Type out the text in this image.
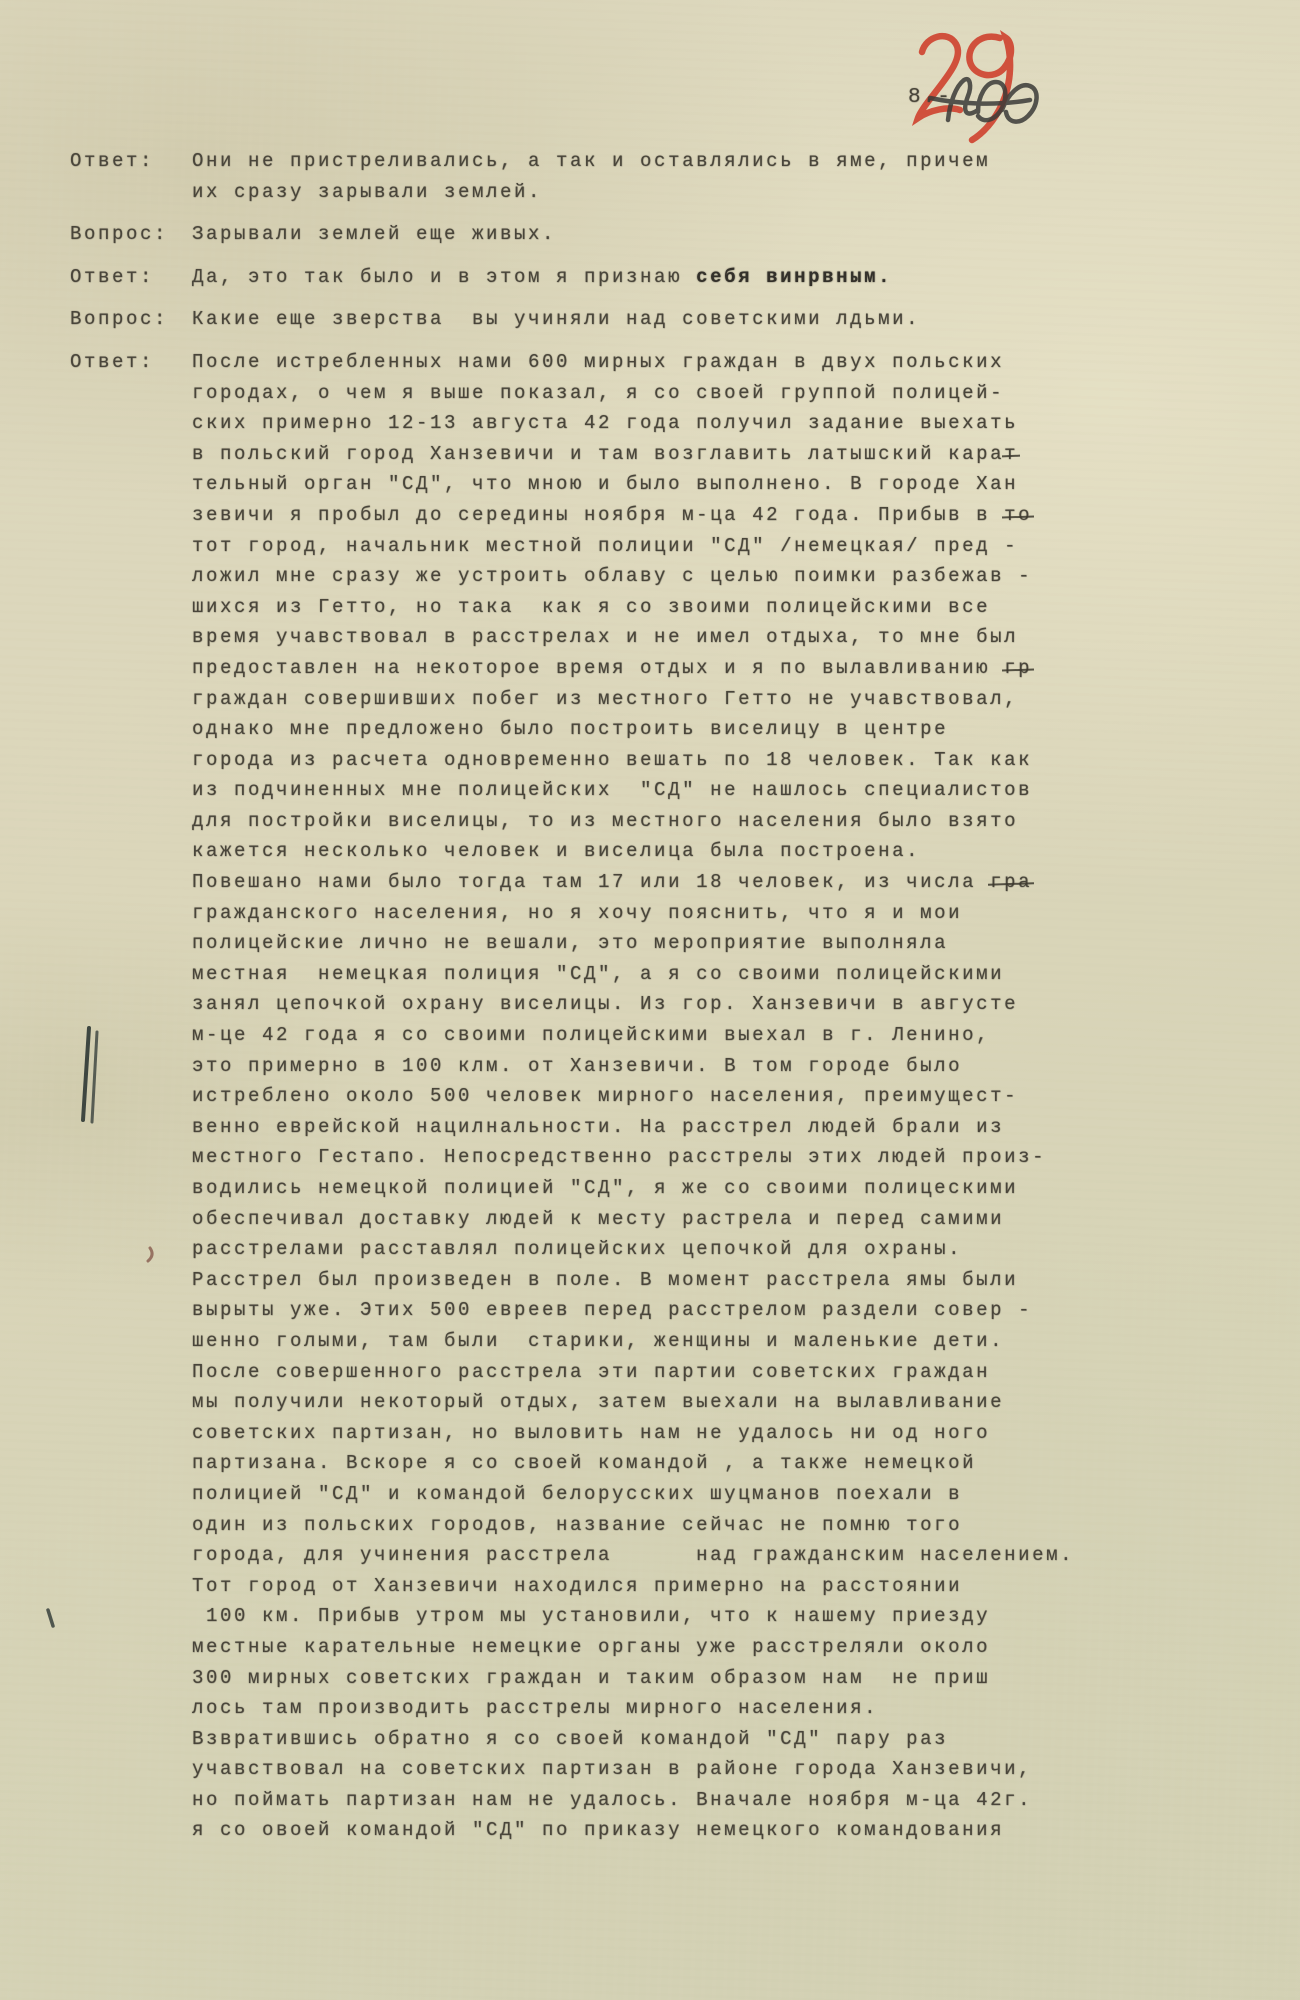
8.-
Ответ:	Они не пристреливались, а так и оставлялись в яме, причем
их сразу зарывали землей.
Вопрос:	Зарывали землей еще живых.
Ответ:	Да, это так было и в этом я признаю себя винрвным.
Вопрос:	Какие еще зверства  вы учиняли над советскими лдьми.
Ответ:	После истребленных нами 600 мирных граждан в двух польских
городах, о чем я выше показал, я со своей группой полицей-
ских примерно 12-13 августа 42 года получил задание выехать
в польский город Ханзевичи и там возглавить латышский карат
тельный орган "СД", что мною и было выполнено. В городе Хан
зевичи я пробыл до середины ноября м-ца 42 года. Прибыв в то
тот город, начальник местной полиции "СД" /немецкая/ пред -
ложил мне сразу же устроить облаву с целью поимки разбежав -
шихся из Гетто, но така  как я со звоими полицейскими все
время учавствовал в расстрелах и не имел отдыха, то мне был
предоставлен на некоторое время отдых и я по вылавливанию гр
граждан совершивших побег из местного Гетто не учавствовал,
однако мне предложено было построить виселицу в центре
города из расчета одновременно вешать по 18 человек. Так как
из подчиненных мне полицейских  "СД" не нашлось специалистов
для постройки виселицы, то из местного населения было взято
кажется несколько человек и виселица была построена.
Повешано нами было тогда там 17 или 18 человек, из числа гра
гражданского населения, но я хочу пояснить, что я и мои
полицейские лично не вешали, это мероприятие выполняла
местная  немецкая полиция "СД", а я со своими полицейскими
занял цепочкой охрану виселицы. Из гор. Ханзевичи в августе
м-це 42 года я со своими полицейскими выехал в г. Ленино,
это примерно в 100 клм. от Ханзевичи. В том городе было
истреблено около 500 человек мирного населения, преимущест-
венно еврейской нацилнальности. На расстрел людей брали из
местного Гестапо. Непосредственно расстрелы этих людей произ-
водились немецкой полицией "СД", я же со своими полицескими
обеспечивал доставку людей к месту растрела и перед самими
расстрелами расставлял полицейских цепочкой для охраны.
Расстрел был произведен в поле. В момент расстрела ямы были
вырыты уже. Этих 500 евреев перед расстрелом раздели совер -
шенно голыми, там были  старики, женщины и маленькие дети.
После совершенного расстрела эти партии советских граждан
мы получили некоторый отдых, затем выехали на вылавливание
советских партизан, но выловить нам не удалось ни од ного
партизана. Вскоре я со своей командой , а также немецкой
полицией "СД" и командой белорусских шуцманов поехали в
один из польских городов, название сейчас не помню того
города, для учинения расстрела      над гражданским населением.
Тот город от Ханзевичи находился примерно на расстоянии
100 км. Прибыв утром мы установили, что к нашему приезду
местные карательные немецкие органы уже расстреляли около
300 мирных советских граждан и таким образом нам  не приш
лось там производить расстрелы мирного населения.
Взвратившись обратно я со своей командой "СД" пару раз
учавствовал на советских партизан в районе города Ханзевичи,
но поймать партизан нам не удалось. Вначале ноября м-ца 42г.
я со овоей командой "СД" по приказу немецкого командования
